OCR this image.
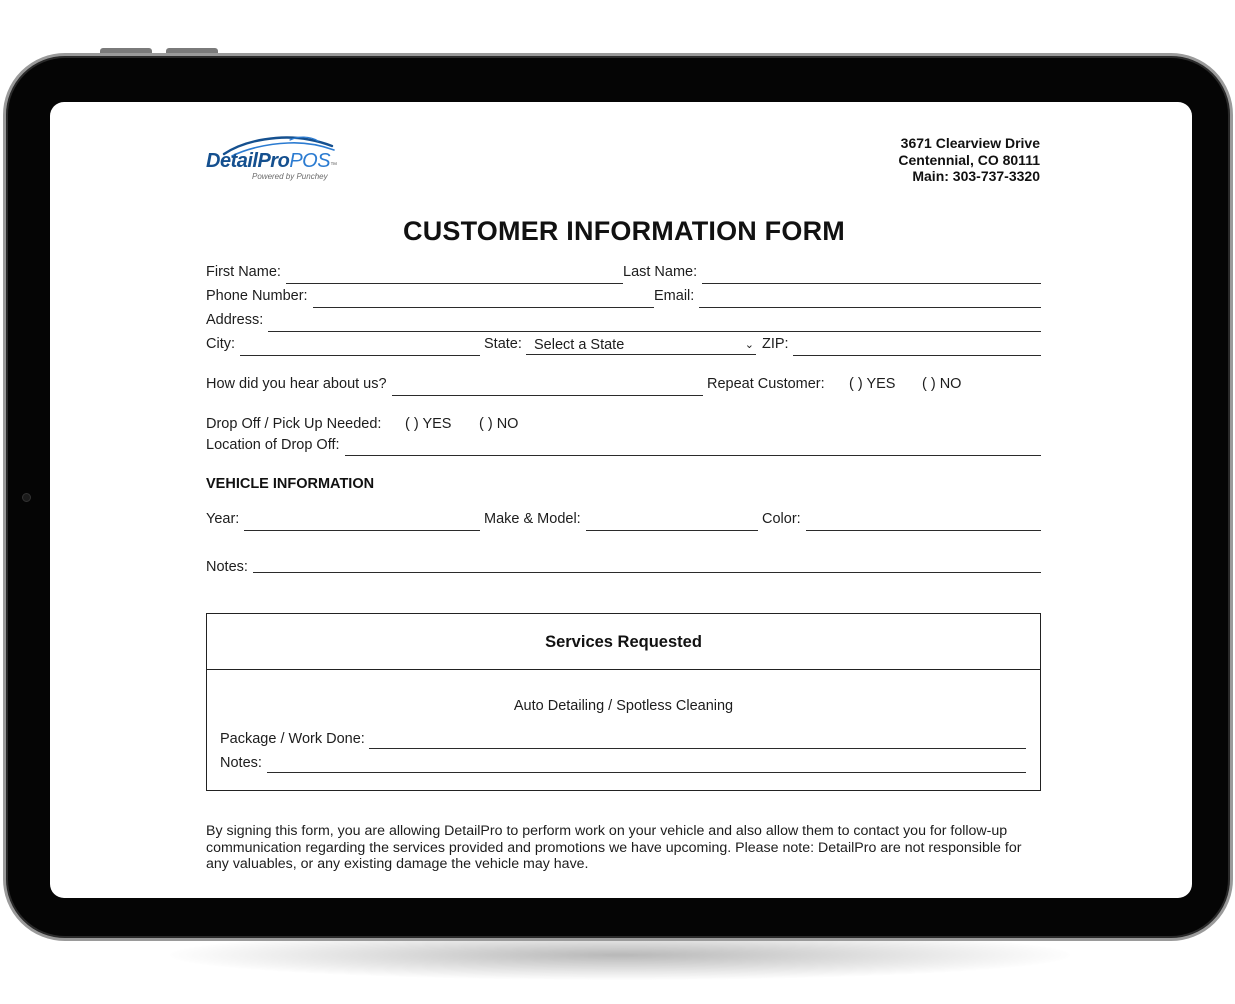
DetailProPOS™
Powered by Punchey
3671 Clearview Drive
Centennial, CO 80111
Main: 303-737-3320
CUSTOMER INFORMATION FORM
First Name:	Last Name:
Phone Number:	Email:
Address:
City:	State: Select a State	⌄ ZIP:
How did you hear about us?	Repeat Customer: ( ) YES ( ) NO
Drop Off / Pick Up Needed: ( ) YES ( ) NO
Location of Drop Off:
VEHICLE INFORMATION
Year:	Make & Model:	Color:
Notes:
Services Requested
Auto Detailing / Spotless Cleaning
Package / Work Done:
Notes:
By signing this form, you are allowing DetailPro to perform work on your vehicle and also allow them to contact you for follow-up communication regarding the services provided and promotions we have upcoming. Please note: DetailPro are not responsible for any valuables, or any existing damage the vehicle may have.
